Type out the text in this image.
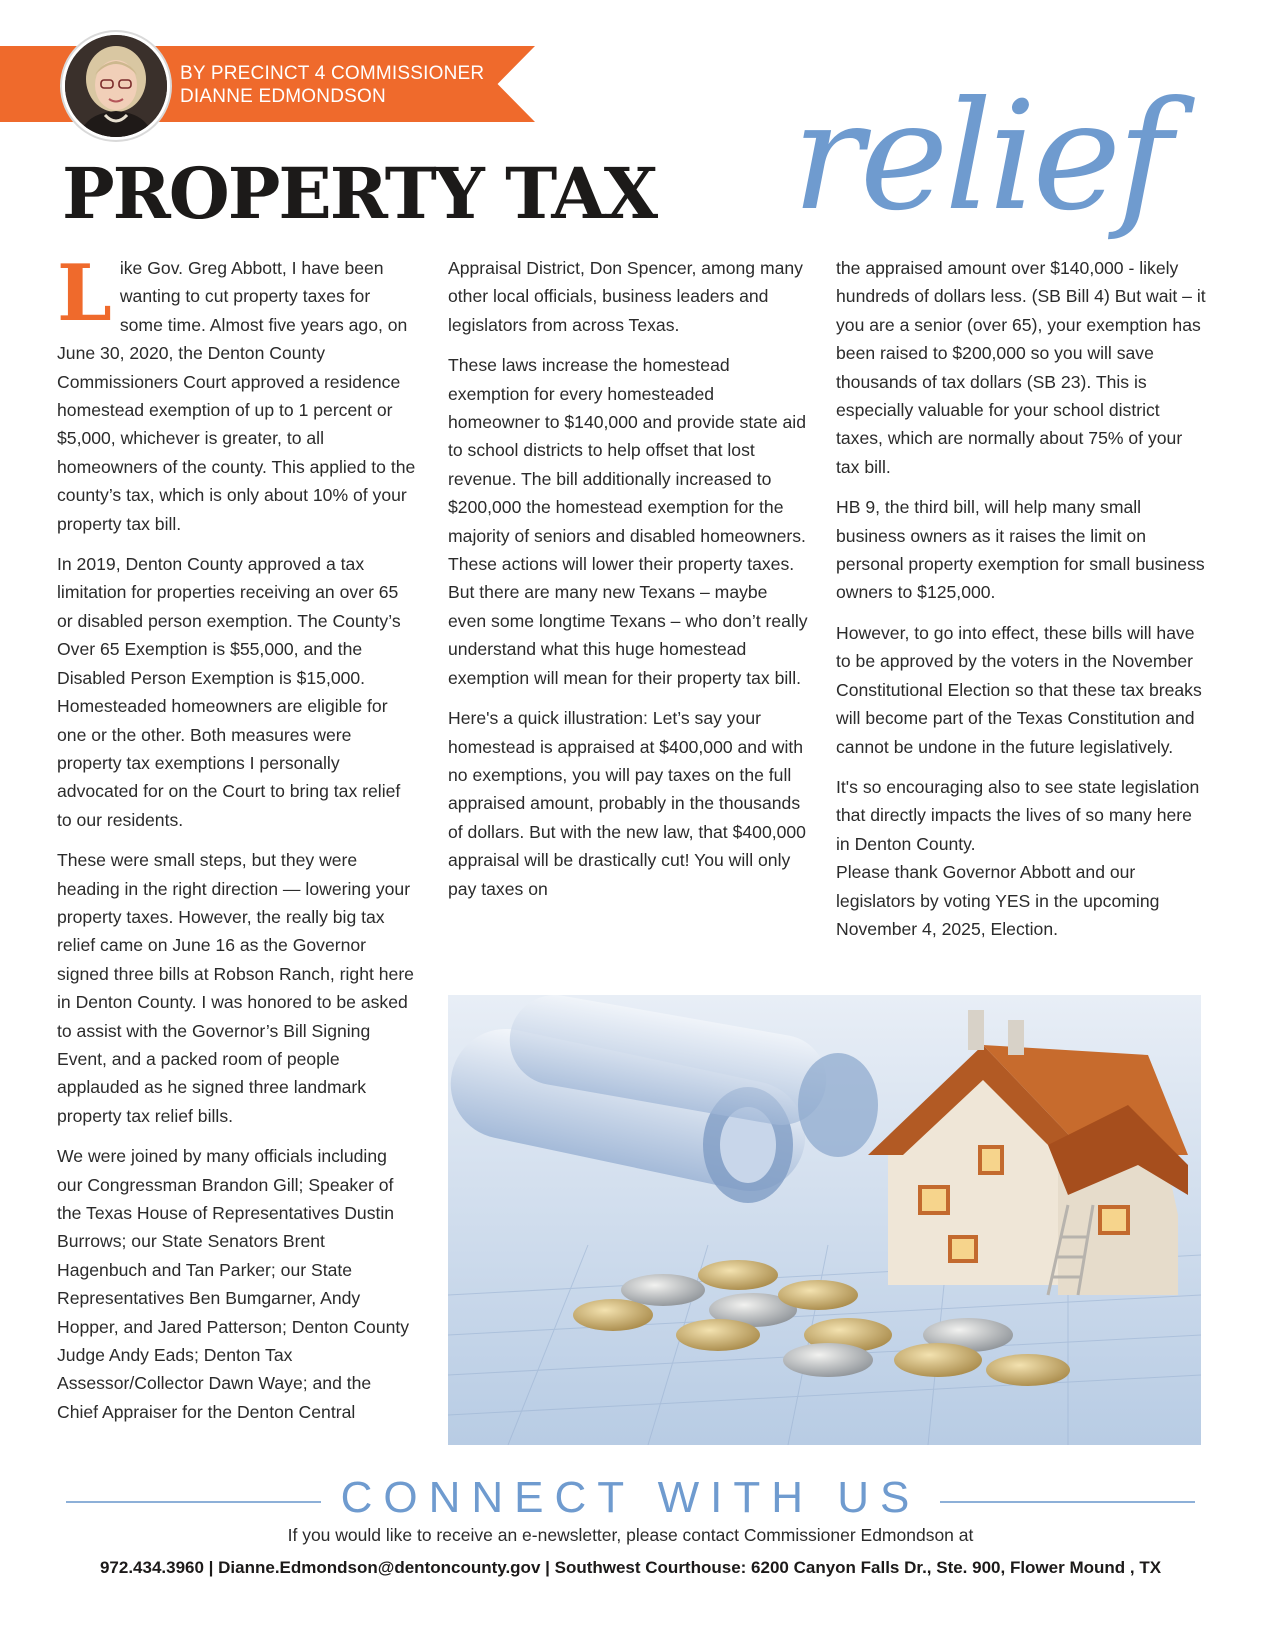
BY PRECINCT 4 COMMISSIONER
DIANNE EDMONDSON
PROPERTY TAX relief

Like Gov. Greg Abbott, I have been wanting to cut property taxes for some time. Almost five years ago, on June 30, 2020, the Denton County Commissioners Court approved a residence homestead exemption of up to 1 percent or $5,000, whichever is greater, to all homeowners of the county. This applied to the county’s tax, which is only about 10% of your property tax bill.

In 2019, Denton County approved a tax limitation for properties receiving an over 65 or disabled person exemption. The County’s Over 65 Exemption is $55,000, and the Disabled Person Exemption is $15,000. Homesteaded homeowners are eligible for one or the other. Both measures were property tax exemptions I personally advocated for on the Court to bring tax relief to our residents.

These were small steps, but they were heading in the right direction — lowering your property taxes. However, the really big tax relief came on June 16 as the Governor signed three bills at Robson Ranch, right here in Denton County. I was honored to be asked to assist with the Governor’s Bill Signing Event, and a packed room of people applauded as he signed three landmark property tax relief bills.

We were joined by many officials including our Congressman Brandon Gill; Speaker of the Texas House of Representatives Dustin Burrows; our State Senators Brent Hagenbuch and Tan Parker; our State Representatives Ben Bumgarner, Andy Hopper, and Jared Patterson; Denton County Judge Andy Eads; Denton Tax Assessor/Collector Dawn Waye; and the Chief Appraiser for the Denton Central

Appraisal District, Don Spencer, among many other local officials, business leaders and legislators from across Texas.

These laws increase the homestead exemption for every homesteaded homeowner to $140,000 and provide state aid to school districts to help offset that lost revenue. The bill additionally increased to $200,000 the homestead exemption for the majority of seniors and disabled homeowners. These actions will lower their property taxes. But there are many new Texans – maybe even some longtime Texans – who don’t really understand what this huge homestead exemption will mean for their property tax bill.

Here's a quick illustration: Let’s say your homestead is appraised at $400,000 and with no exemptions, you will pay taxes on the full appraised amount, probably in the thousands of dollars. But with the new law, that $400,000 appraisal will be drastically cut! You will only pay taxes on

the appraised amount over $140,000 - likely hundreds of dollars less. (SB Bill 4) But wait – it you are a senior (over 65), your exemption has been raised to $200,000 so you will save thousands of tax dollars (SB 23). This is especially valuable for your school district taxes, which are normally about 75% of your tax bill.

HB 9, the third bill, will help many small business owners as it raises the limit on personal property exemption for small business owners to $125,000.

However, to go into effect, these bills will have to be approved by the voters in the November Constitutional Election so that these tax breaks will become part of the Texas Constitution and cannot be undone in the future legislatively.

It's so encouraging also to see state legislation that directly impacts the lives of so many here in Denton County.

Please thank Governor Abbott and our legislators by voting YES in the upcoming November 4, 2025, Election.

CONNECT WITH US
If you would like to receive an e-newsletter, please contact Commissioner Edmondson at
972.434.3960 | Dianne.Edmondson@dentoncounty.gov | Southwest Courthouse: 6200 Canyon Falls Dr., Ste. 900, Flower Mound , TX
